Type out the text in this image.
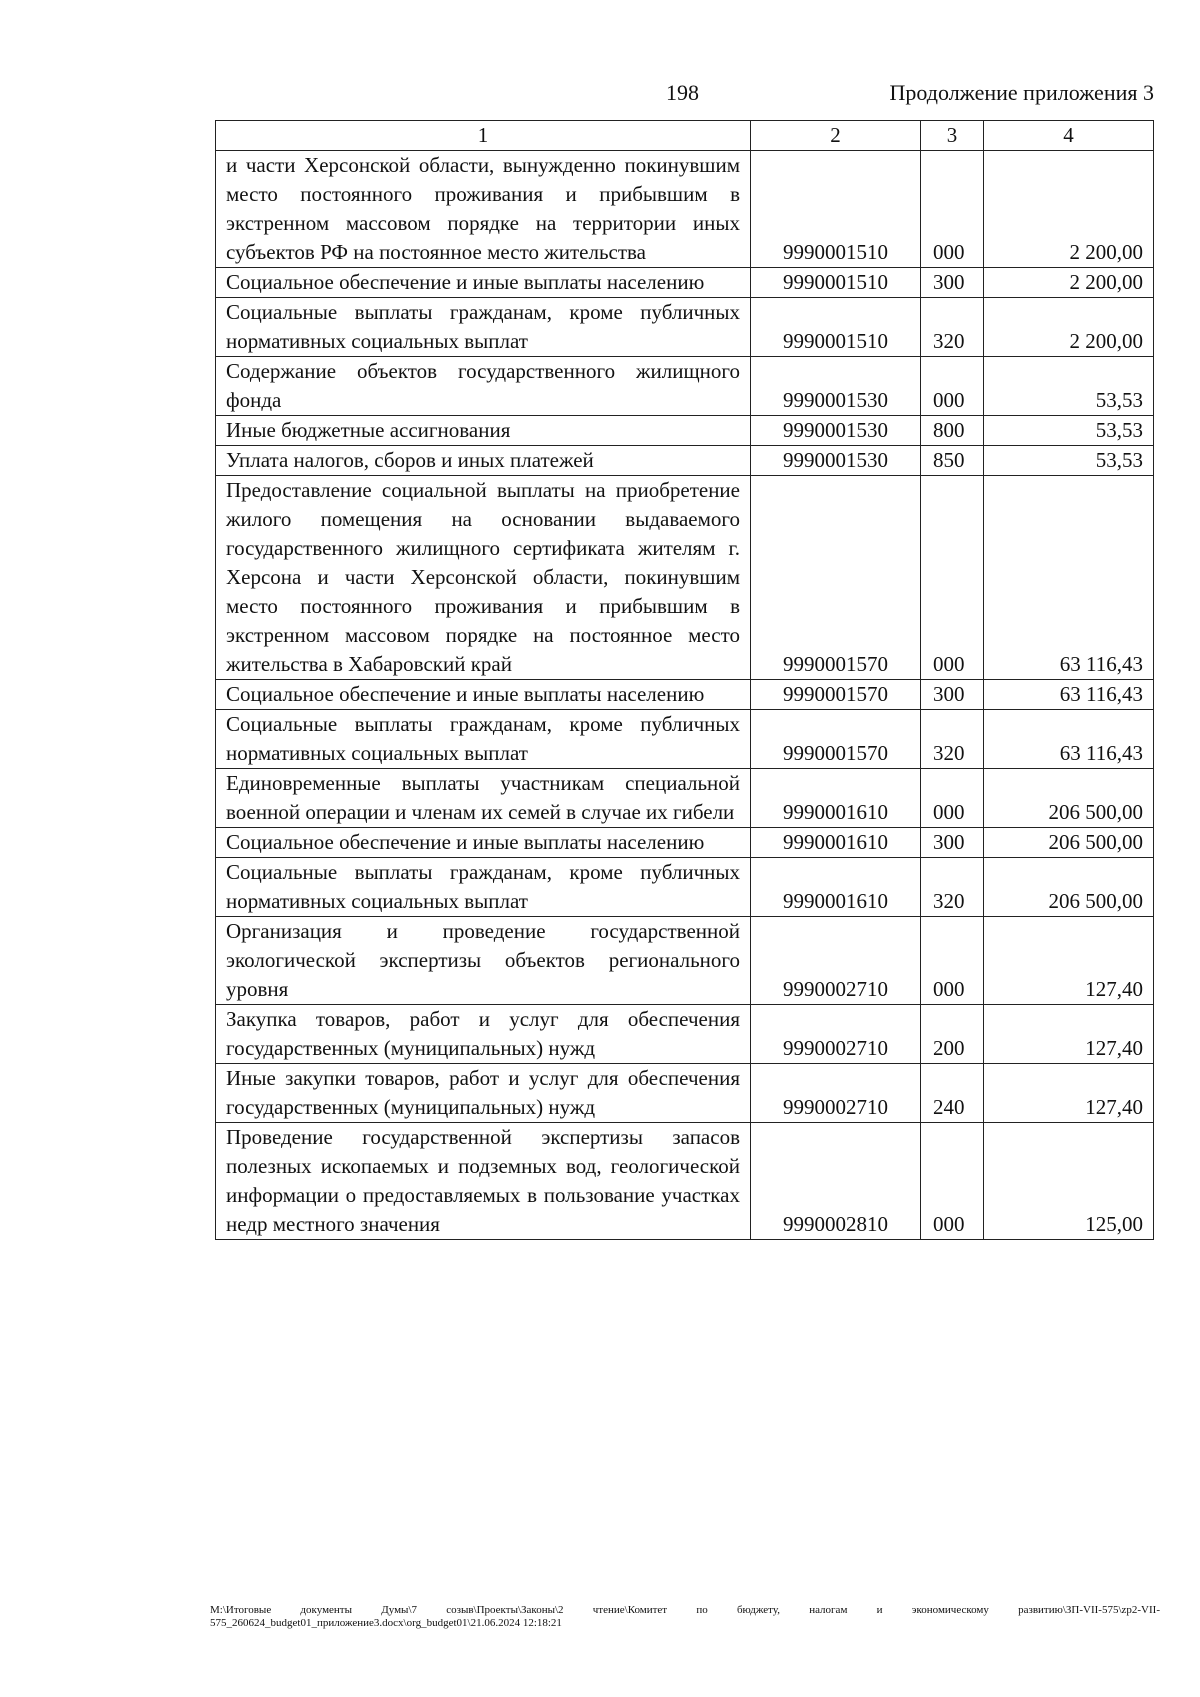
198	Продолжение приложения 3
1	2	3	4
и части Херсонской области, вынужденно покинувшим место постоянного проживания и прибывшим в экстренном массовом порядке на территории иных субъектов РФ на постоянное место жительства	9990001510	000	2 200,00
Социальное обеспечение и иные выплаты населению	9990001510	300	2 200,00
Социальные выплаты гражданам, кроме публичных нормативных социальных выплат	9990001510	320	2 200,00
Содержание объектов государственного жилищного фонда	9990001530	000	53,53
Иные бюджетные ассигнования	9990001530	800	53,53
Уплата налогов, сборов и иных платежей	9990001530	850	53,53
Предоставление социальной выплаты на приобретение жилого помещения на основании выдаваемого государственного жилищного сертификата жителям г. Херсона и части Херсонской области, покинувшим место постоянного проживания и прибывшим в экстренном массовом порядке на постоянное место жительства в Хабаровский край	9990001570	000	63 116,43
Социальное обеспечение и иные выплаты населению	9990001570	300	63 116,43
Социальные выплаты гражданам, кроме публичных нормативных социальных выплат	9990001570	320	63 116,43
Единовременные выплаты участникам специальной военной операции и членам их семей в случае их гибели	9990001610	000	206 500,00
Социальное обеспечение и иные выплаты населению	9990001610	300	206 500,00
Социальные выплаты гражданам, кроме публичных нормативных социальных выплат	9990001610	320	206 500,00
Организация и проведение государственной экологической экспертизы объектов регионального уровня	9990002710	000	127,40
Закупка товаров, работ и услуг для обеспечения государственных (муниципальных) нужд	9990002710	200	127,40
Иные закупки товаров, работ и услуг для обеспечения государственных (муниципальных) нужд	9990002710	240	127,40
Проведение государственной экспертизы запасов полезных ископаемых и подземных вод, геологической информации о предоставляемых в пользование участках недр местного значения	9990002810	000	125,00
M:\Итоговые документы Думы\7 созыв\Проекты\Законы\2 чтение\Комитет по бюджету, налогам и экономическому развитию\ЗП-VII-575\zp2-VII-575_260624_budget01_приложение3.docx\org_budget01\21.06.2024 12:18:21
